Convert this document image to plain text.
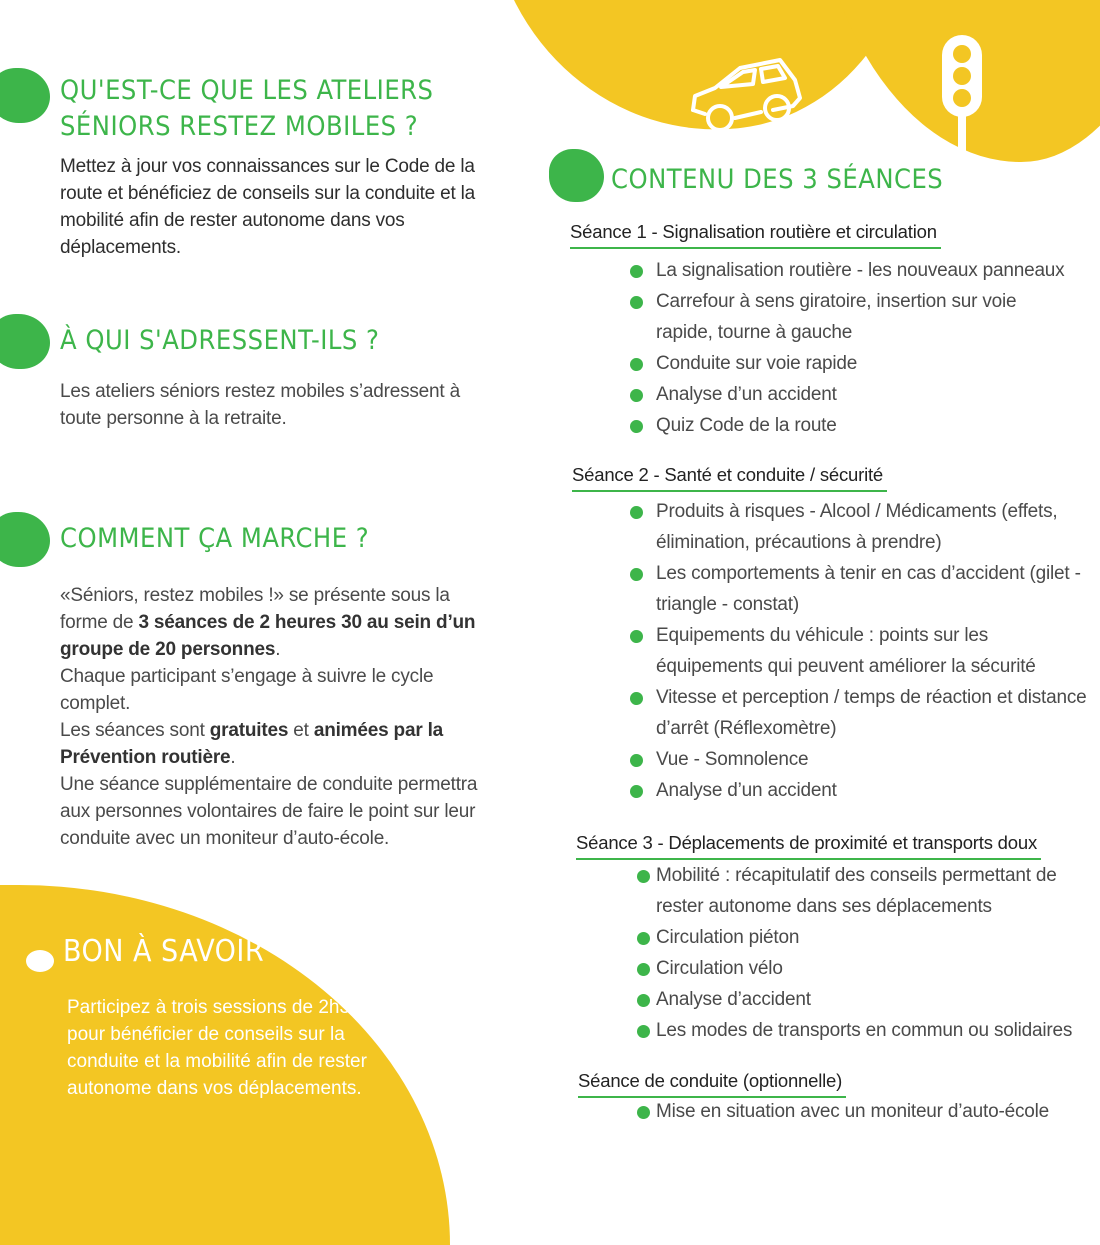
QU'EST-CE QUE LES ATELIERS SÉNIORS RESTEZ MOBILES ?
Mettez à jour vos connaissances sur le Code de la route et bénéficiez de conseils sur la conduite et la mobilité afin de rester autonome dans vos déplacements.
À QUI S'ADRESSENT-ILS ?
Les ateliers séniors restez mobiles s’adressent à toute personne à la retraite.
COMMENT ÇA MARCHE ?
«Séniors, restez mobiles !» se présente sous la forme de 3 séances de 2 heures 30 au sein d’un groupe de 20 personnes.
Chaque participant s’engage à suivre le cycle complet.
Les séances sont gratuites et animées par la Prévention routière.
Une séance supplémentaire de conduite permettra aux personnes volontaires de faire le point sur leur conduite avec un moniteur d’auto-école.
BON À SAVOIR
Participez à trois sessions de 2h30 pour bénéficier de conseils sur la conduite et la mobilité afin de rester autonome dans vos déplacements.
CONTENU DES 3 SÉANCES
Séance 1 - Signalisation routière et circulation
La signalisation routière - les nouveaux panneaux
Carrefour à sens giratoire, insertion sur voie rapide, tourne à gauche
Conduite sur voie rapide
Analyse d’un accident
Quiz Code de la route
Séance 2 - Santé et conduite / sécurité
Produits à risques - Alcool / Médicaments (effets, élimination, précautions à prendre)
Les comportements à tenir en cas d’accident (gilet - triangle - constat)
Equipements du véhicule : points sur les équipements qui peuvent améliorer la sécurité
Vitesse et perception / temps de réaction et distance d’arrêt (Réflexomètre)
Vue - Somnolence
Analyse d’un accident
Séance 3 - Déplacements de proximité et transports doux
Mobilité : récapitulatif des conseils permettant de rester autonome dans ses déplacements
Circulation piéton
Circulation vélo
Analyse d’accident
Les modes de transports en commun ou solidaires
Séance de conduite (optionnelle)
Mise en situation avec un moniteur d’auto-école
